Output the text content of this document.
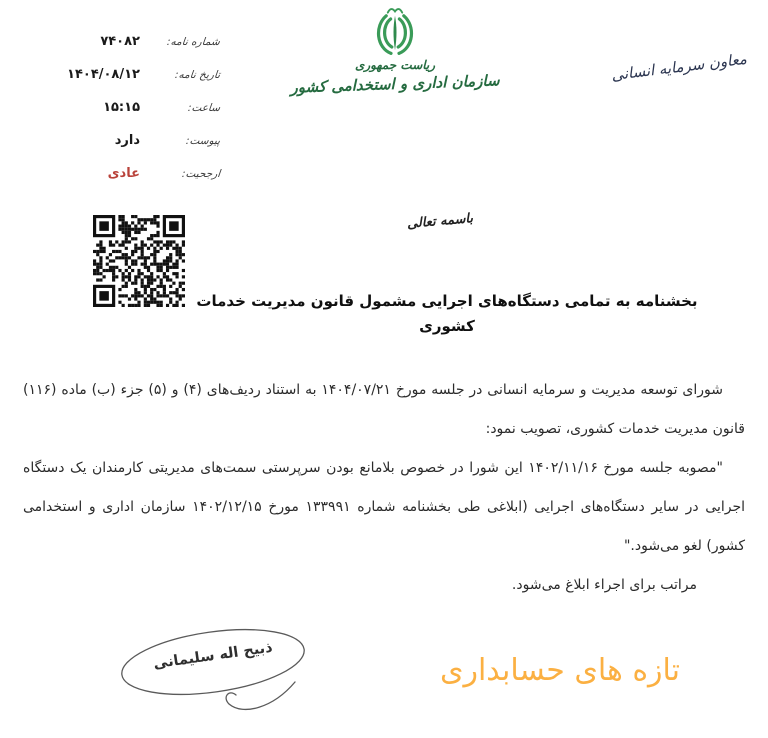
شماره نامه:
۷۴۰۸۲
تاریخ نامه:
۱۴۰۴/۰۸/۱۲
ساعت:
۱۵:۱۵
پیوست:
دارد
ارجحیت:
عادی
ریاست جمهوری
سازمان اداری و استخدامی کشور	معاون سرمایه انسانی
باسمه تعالی
بخشنامه به تمامی دستگاه‌های اجرایی مشمول قانون مدیریت خدمات
کشوری
شورای توسعه مدیریت و سرمایه انسانی در جلسه مورخ ۱۴۰۴/۰۷/۲۱ به استناد ردیف‌های (۴) و (۵) جزء (ب) ماده (۱۱۶)
قانون مدیریت خدمات کشوری، تصویب نمود:
"مصوبه جلسه مورخ ۱۴۰۲/۱۱/۱۶ این شورا در خصوص بلامانع بودن سرپرستی سمت‌های مدیریتی کارمندان یک دستگاه
اجرایی در سایر دستگاه‌های اجرایی (ابلاغی طی بخشنامه شماره ۱۳۳۹۹۱ مورخ ۱۴۰۲/۱۲/۱۵ سازمان اداری و استخدامی
کشور) لغو می‌شود."
مراتب برای اجراء ابلاغ می‌شود.
ذبیح اله سلیمانی	تازه های حسابداری
